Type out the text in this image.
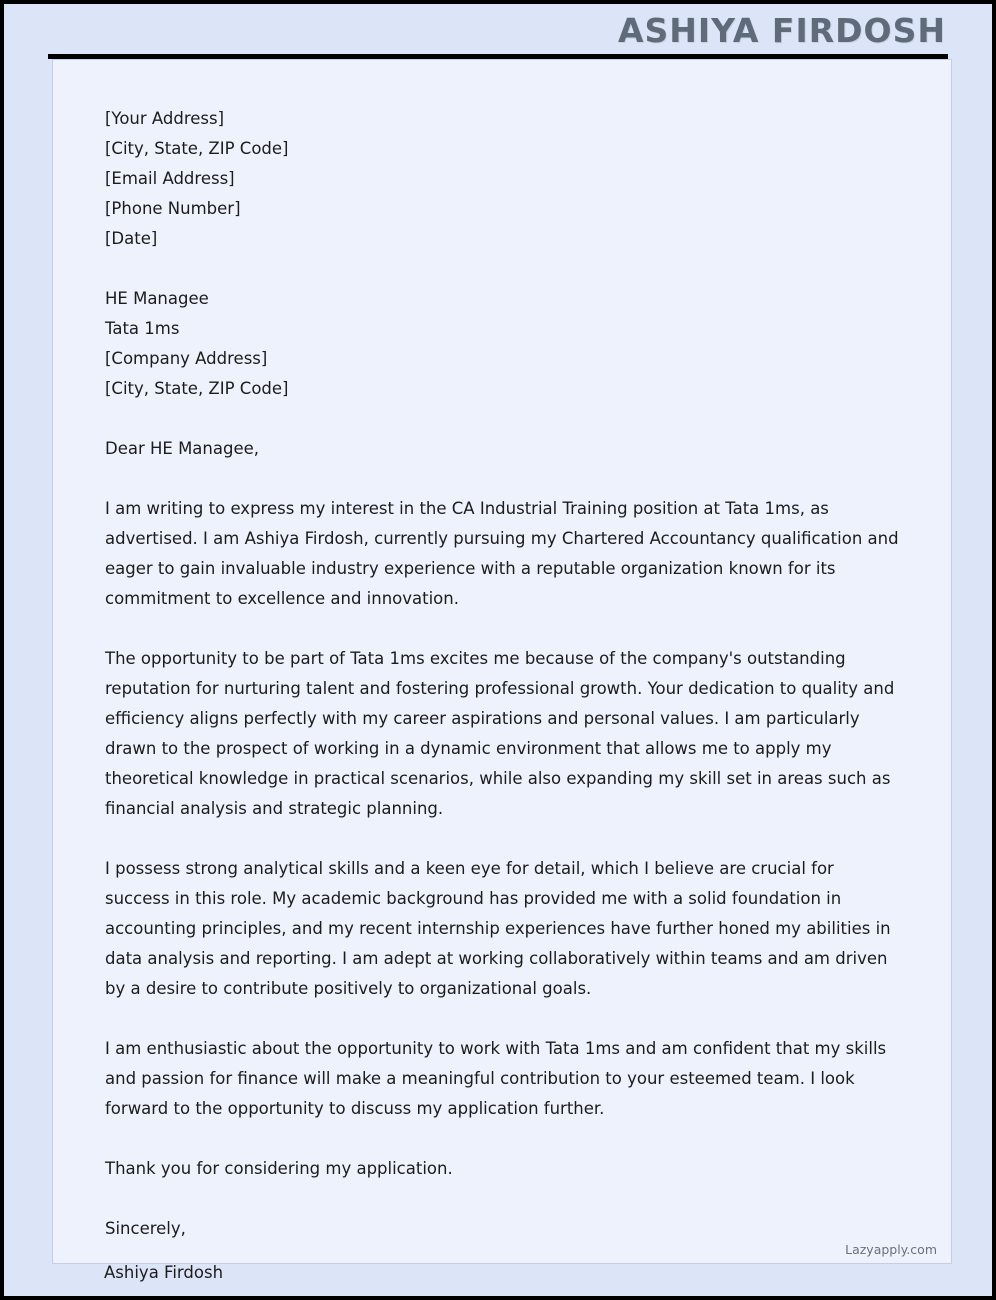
ASHIYA FIRDOSH

[Your Address]

[City, State, ZIP Code]

[Email Address]

[Phone Number]

[Date]

HE Managee

Tata 1ms

[Company Address]

[City, State, ZIP Code]

Dear HE Managee,

I am writing to express my interest in the CA Industrial Training position at Tata 1ms, as advertised. I am Ashiya Firdosh, currently pursuing my Chartered Accountancy qualification and eager to gain invaluable industry experience with a reputable organization known for its commitment to excellence and innovation.

The opportunity to be part of Tata 1ms excites me because of the company's outstanding reputation for nurturing talent and fostering professional growth. Your dedication to quality and efficiency aligns perfectly with my career aspirations and personal values. I am particularly drawn to the prospect of working in a dynamic environment that allows me to apply my theoretical knowledge in practical scenarios, while also expanding my skill set in areas such as financial analysis and strategic planning.

I possess strong analytical skills and a keen eye for detail, which I believe are crucial for success in this role. My academic background has provided me with a solid foundation in accounting principles, and my recent internship experiences have further honed my abilities in data analysis and reporting. I am adept at working collaboratively within teams and am driven by a desire to contribute positively to organizational goals.

I am enthusiastic about the opportunity to work with Tata 1ms and am confident that my skills and passion for finance will make a meaningful contribution to your esteemed team. I look forward to the opportunity to discuss my application further.

Thank you for considering my application.

Sincerely,

Lazyapply.com
Ashiya Firdosh
